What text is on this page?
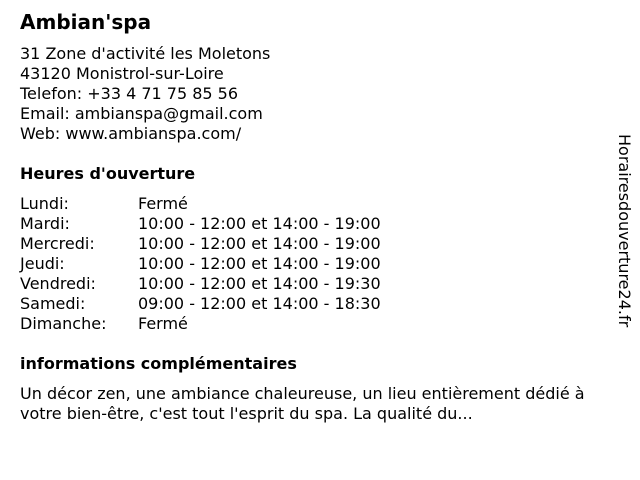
Ambian'spa
31 Zone d'activité les Moletons
43120 Monistrol-sur-Loire
Telefon: +33 4 71 75 85 56
Email: ambianspa@gmail.com
Web: www.ambianspa.com/
Heures d'ouverture
Lundi:	Fermé
Mardi:	10:00 - 12:00 et 14:00 - 19:00
Mercredi:	10:00 - 12:00 et 14:00 - 19:00
Jeudi:	10:00 - 12:00 et 14:00 - 19:00
Vendredi:	10:00 - 12:00 et 14:00 - 19:30
Samedi:	09:00 - 12:00 et 14:00 - 18:30
Dimanche: Fermé
informations complémentaires
Un décor zen, une ambiance chaleureuse, un lieu entièrement dédié à votre bien-être, c'est tout l'esprit du spa. La qualité du...
Horairesdouverture24.fr
